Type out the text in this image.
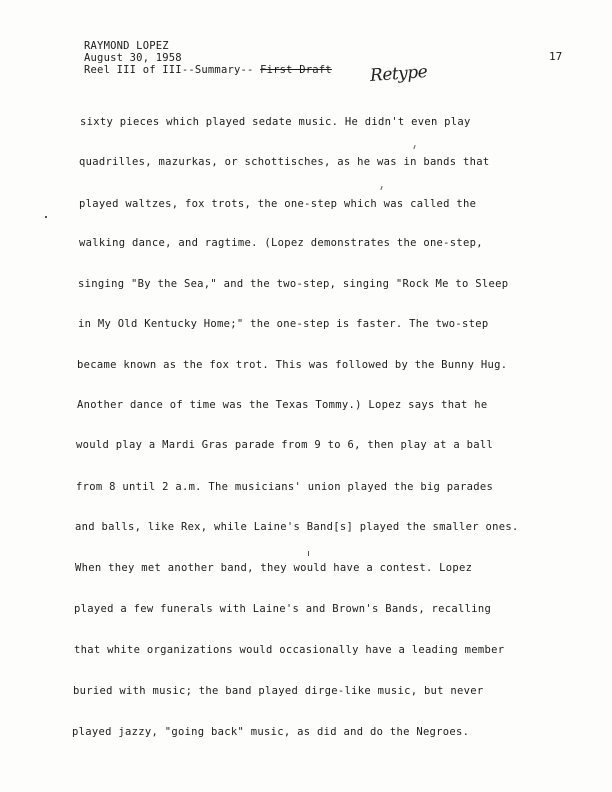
RAYMOND LOPEZ
August 30, 1958
Reel III of III--Summary-- First Draft Retype
17
sixty pieces which played sedate music. He didn't even play
quadrilles, mazurkas, or schottisches, as he was in bands that
played waltzes, fox trots, the one-step which was called the
walking dance, and ragtime. (Lopez demonstrates the one-step,
singing "By the Sea," and the two-step, singing "Rock Me to Sleep
in My Old Kentucky Home;" the one-step is faster. The two-step
became known as the fox trot. This was followed by the Bunny Hug.
Another dance of time was the Texas Tommy.) Lopez says that he
would play a Mardi Gras parade from 9 to 6, then play at a ball
from 8 until 2 a.m. The musicians' union played the big parades
and balls, like Rex, while Laine's Band[s] played the smaller ones.
When they met another band, they would have a contest. Lopez
played a few funerals with Laine's and Brown's Bands, recalling
that white organizations would occasionally have a leading member
buried with music; the band played dirge-like music, but never
played jazzy, "going back" music, as did and do the Negroes.
